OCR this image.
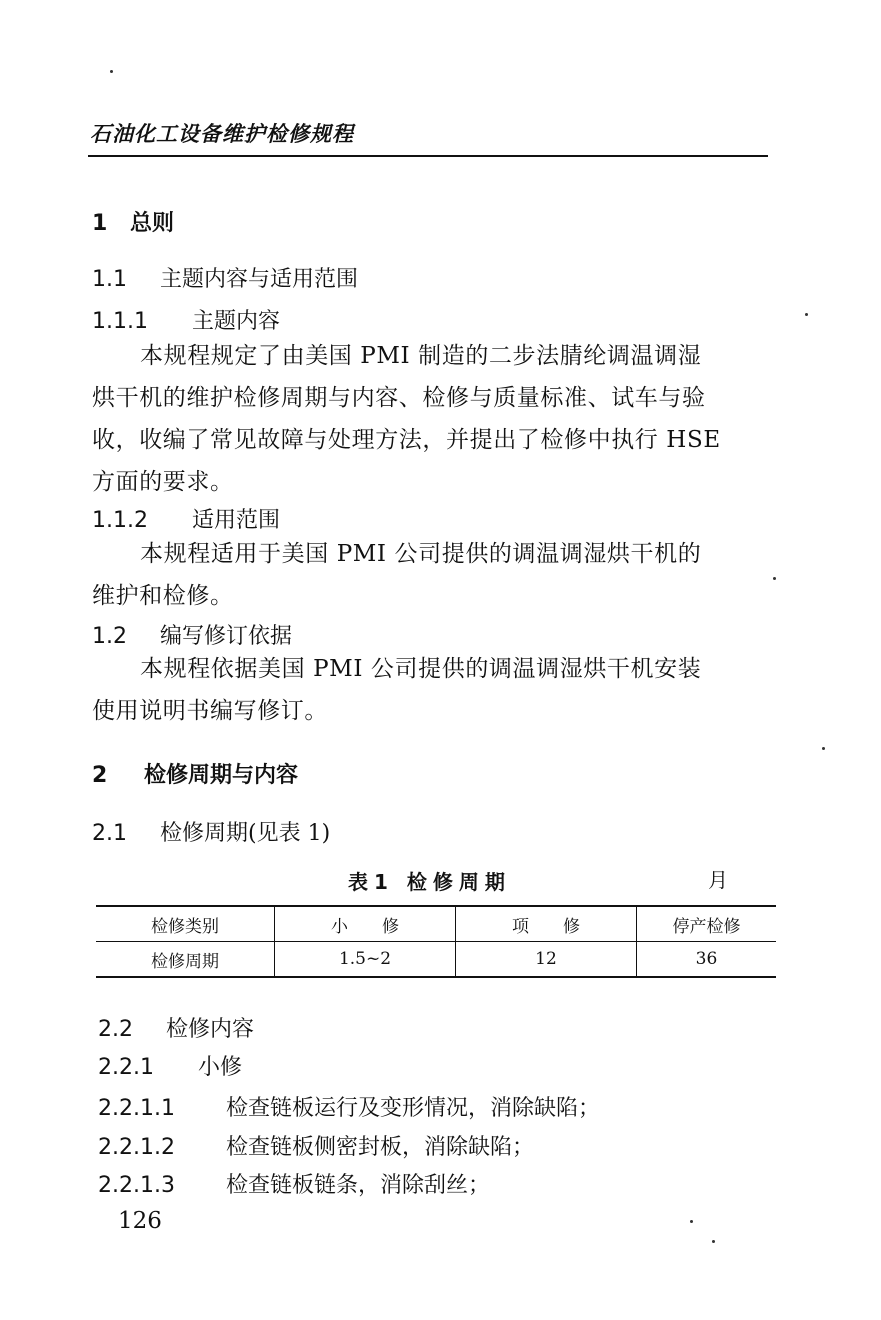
石油化工设备维护检修规程
1 总则
1.1 主题内容与适用范围
1.1.1 主题内容
本规程规定了由美国 PMI 制造的二步法腈纶调温调湿
烘干机的维护检修周期与内容、检修与质量标准、试车与验
收，收编了常见故障与处理方法，并提出了检修中执行 HSE
方面的要求。
1.1.2 适用范围
本规程适用于美国 PMI 公司提供的调温调湿烘干机的
维护和检修。
1.2 编写修订依据
本规程依据美国 PMI 公司提供的调温调湿烘干机安装
使用说明书编写修订。
2 检修周期与内容
2.1 检修周期(见表 1)
表1 检修周期	月
检修类别	小　　修	项　　修	停产检修
检修周期	1.5~2	12	36
2.2 检修内容
2.2.1 小修
2.2.1.1 检查链板运行及变形情况，消除缺陷；
2.2.1.2 检查链板侧密封板，消除缺陷；
2.2.1.3 检查链板链条，消除刮丝；
126
